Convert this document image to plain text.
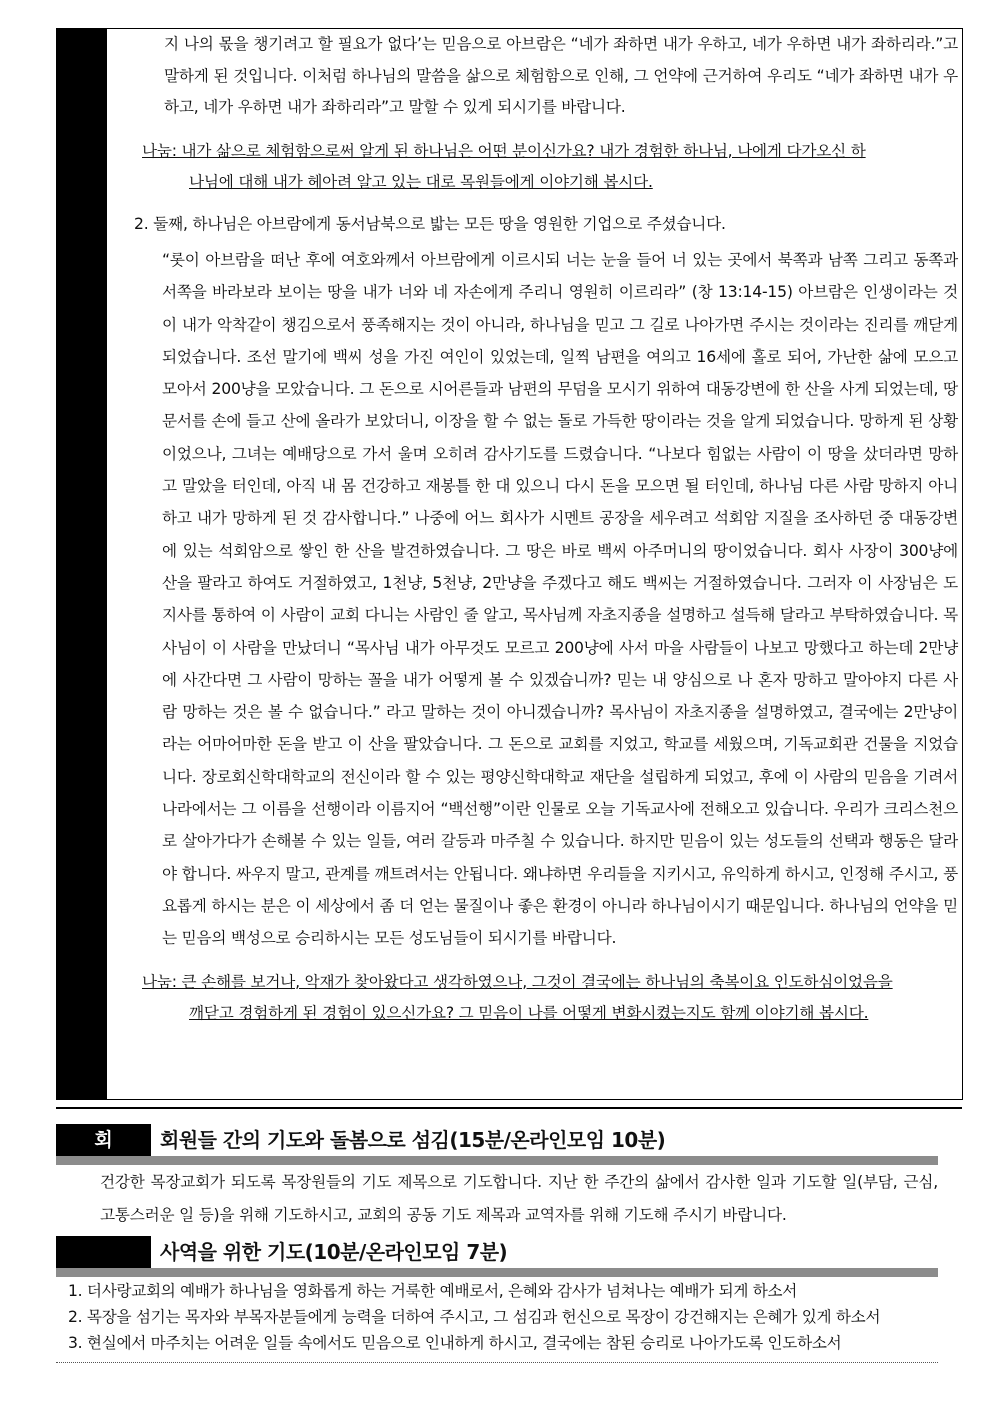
지 나의 몫을 챙기려고 할 필요가 없다’는 믿음으로 아브람은 “네가 좌하면 내가 우하고, 네가 우하면 내가 좌하리라.”고 말하게 된 것입니다. 이처럼 하나님의 말씀을 삶으로 체험함으로 인해, 그 언약에 근거하여 우리도 “네가 좌하면 내가 우하고, 네가 우하면 내가 좌하리라”고 말할 수 있게 되시기를 바랍니다.

나눔: 내가 삶으로 체험함으로써 알게 된 하나님은 어떤 분이신가요? 내가 경험한 하나님, 나에게 다가오신 하
나님에 대해 내가 헤아려 알고 있는 대로 목원들에게 이야기해 봅시다.

2. 둘째, 하나님은 아브람에게 동서남북으로 밟는 모든 땅을 영원한 기업으로 주셨습니다.

“롯이 아브람을 떠난 후에 여호와께서 아브람에게 이르시되 너는 눈을 들어 너 있는 곳에서 북쪽과 남쪽 그리고 동쪽과 서쪽을 바라보라 보이는 땅을 내가 너와 네 자손에게 주리니 영원히 이르리라” (창 13:14-15) 아브람은 인생이라는 것이 내가 악착같이 챙김으로서 풍족해지는 것이 아니라, 하나님을 믿고 그 길로 나아가면 주시는 것이라는 진리를 깨닫게 되었습니다. 조선 말기에 백씨 성을 가진 여인이 있었는데, 일찍 남편을 여의고 16세에 홀로 되어, 가난한 삶에 모으고 모아서 200냥을 모았습니다. 그 돈으로 시어른들과 남편의 무덤을 모시기 위하여 대동강변에 한 산을 사게 되었는데, 땅 문서를 손에 들고 산에 올라가 보았더니, 이장을 할 수 없는 돌로 가득한 땅이라는 것을 알게 되었습니다. 망하게 된 상황이었으나, 그녀는 예배당으로 가서 울며 오히려 감사기도를 드렸습니다. “나보다 힘없는 사람이 이 땅을 샀더라면 망하고 말았을 터인데, 아직 내 몸 건강하고 재봉틀 한 대 있으니 다시 돈을 모으면 될 터인데, 하나님 다른 사람 망하지 아니하고 내가 망하게 된 것 감사합니다.” 나중에 어느 회사가 시멘트 공장을 세우려고 석회암 지질을 조사하던 중 대동강변에 있는 석회암으로 쌓인 한 산을 발견하였습니다. 그 땅은 바로 백씨 아주머니의 땅이었습니다. 회사 사장이 300냥에 산을 팔라고 하여도 거절하였고, 1천냥, 5천냥, 2만냥을 주겠다고 해도 백씨는 거절하였습니다. 그러자 이 사장님은 도지사를 통하여 이 사람이 교회 다니는 사람인 줄 알고, 목사님께 자초지종을 설명하고 설득해 달라고 부탁하였습니다. 목사님이 이 사람을 만났더니 “목사님 내가 아무것도 모르고 200냥에 사서 마을 사람들이 나보고 망했다고 하는데 2만냥에 사간다면 그 사람이 망하는 꼴을 내가 어떻게 볼 수 있겠습니까? 믿는 내 양심으로 나 혼자 망하고 말아야지 다른 사람 망하는 것은 볼 수 없습니다.” 라고 말하는 것이 아니겠습니까? 목사님이 자초지종을 설명하였고, 결국에는 2만냥이라는 어마어마한 돈을 받고 이 산을 팔았습니다. 그 돈으로 교회를 지었고, 학교를 세웠으며, 기독교회관 건물을 지었습니다. 장로회신학대학교의 전신이라 할 수 있는 평양신학대학교 재단을 설립하게 되었고, 후에 이 사람의 믿음을 기려서 나라에서는 그 이름을 선행이라 이름지어 “백선행”이란 인물로 오늘 기독교사에 전해오고 있습니다. 우리가 크리스천으로 살아가다가 손해볼 수 있는 일들, 여러 갈등과 마주칠 수 있습니다. 하지만 믿음이 있는 성도들의 선택과 행동은 달라야 합니다. 싸우지 말고, 관계를 깨트려서는 안됩니다. 왜냐하면 우리들을 지키시고, 유익하게 하시고, 인정해 주시고, 풍요롭게 하시는 분은 이 세상에서 좀 더 얻는 물질이나 좋은 환경이 아니라 하나님이시기 때문입니다. 하나님의 언약을 믿는 믿음의 백성으로 승리하시는 모든 성도님들이 되시기를 바랍니다.

나눔: 큰 손해를 보거나, 악재가 찾아왔다고 생각하였으나, 그것이 결국에는 하나님의 축복이요 인도하심이었음을
깨닫고 경험하게 된 경험이 있으신가요? 그 믿음이 나를 어떻게 변화시켰는지도 함께 이야기해 봅시다.

회	회원들 간의 기도와 돌봄으로 섬김(15분/온라인모임 10분)

건강한 목장교회가 되도록 목장원들의 기도 제목으로 기도합니다. 지난 한 주간의 삶에서 감사한 일과 기도할 일(부담, 근심, 고통스러운 일 등)을 위해 기도하시고, 교회의 공동 기도 제목과 교역자를 위해 기도해 주시기 바랍니다.

사역을 위한 기도(10분/온라인모임 7분)
1. 더사랑교회의 예배가 하나님을 영화롭게 하는 거룩한 예배로서, 은혜와 감사가 넘쳐나는 예배가 되게 하소서
2. 목장을 섬기는 목자와 부목자분들에게 능력을 더하여 주시고, 그 섬김과 헌신으로 목장이 강건해지는 은혜가 있게 하소서
3. 현실에서 마주치는 어려운 일들 속에서도 믿음으로 인내하게 하시고, 결국에는 참된 승리로 나아가도록 인도하소서
